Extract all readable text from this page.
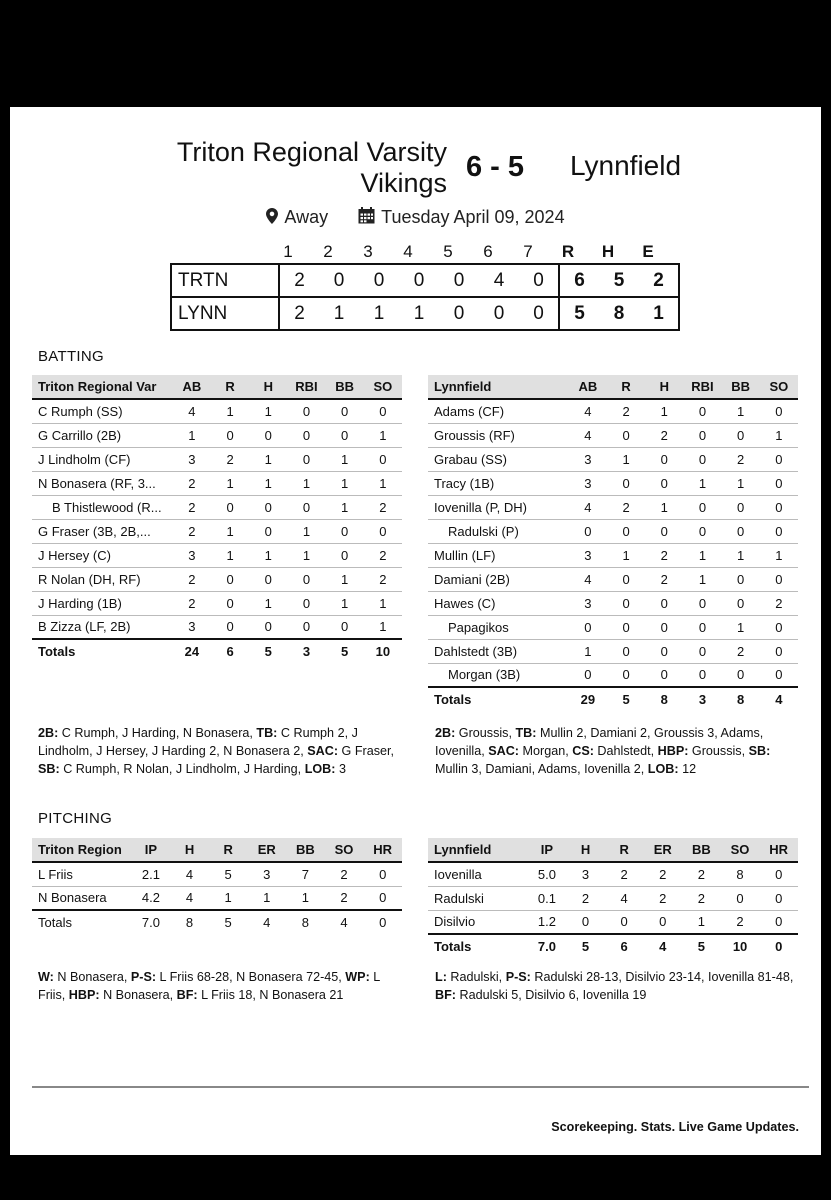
Triton Regional Varsity
Vikings 6 - 5 Lynnfield
Away	Tuesday April 09, 2024
1	2	3	4	5	6	7	R	H	E
TRTN	2	0	0	0	0	4	0	6	5	2
LYNN	2	1	1	1	0	0	0	5	8	1
BATTING
Triton Regional Var	AB	R	H	RBI	BB	SO
C Rumph (SS)	4	1	1	0	0	0
G Carrillo (2B)	1	0	0	0	0	1
J Lindholm (CF)	3	2	1	0	1	0
N Bonasera (RF, 3...	2	1	1	1	1	1
B Thistlewood (R...	2	0	0	0	1	2
G Fraser (3B, 2B,...	2	1	0	1	0	0
J Hersey (C)	3	1	1	1	0	2
R Nolan (DH, RF)	2	0	0	0	1	2
J Harding (1B)	2	0	1	0	1	1
B Zizza (LF, 2B)	3	0	0	0	0	1
Totals	24	6	5	3	5	10
Lynnfield	AB	R	H	RBI	BB	SO
Adams (CF)	4	2	1	0	1	0
Groussis (RF)	4	0	2	0	0	1
Grabau (SS)	3	1	0	0	2	0
Tracy (1B)	3	0	0	1	1	0
Iovenilla (P, DH)	4	2	1	0	0	0
Radulski (P)	0	0	0	0	0	0
Mullin (LF)	3	1	2	1	1	1
Damiani (2B)	4	0	2	1	0	0
Hawes (C)	3	0	0	0	0	2
Papagikos	0	0	0	0	1	0
Dahlstedt (3B)	1	0	0	0	2	0
Morgan (3B)	0	0	0	0	0	0
Totals	29	5	8	3	8	4
2B: C Rumph, J Harding, N Bonasera, TB: C Rumph 2, J Lindholm, J Hersey, J Harding 2, N Bonasera 2, SAC: G Fraser, SB: C Rumph, R Nolan, J Lindholm, J Harding, LOB: 3
2B: Groussis, TB: Mullin 2, Damiani 2, Groussis 3, Adams, Iovenilla, SAC: Morgan, CS: Dahlstedt, HBP: Groussis, SB: Mullin 3, Damiani, Adams, Iovenilla 2, LOB: 12
PITCHING
Triton Region	IP	H	R	ER	BB	SO	HR
L Friis	2.1	4	5	3	7	2	0
N Bonasera	4.2	4	1	1	1	2	0
Totals	7.0	8	5	4	8	4	0
Lynnfield	IP	H	R	ER	BB	SO	HR
Iovenilla	5.0	3	2	2	2	8	0
Radulski	0.1	2	4	2	2	0	0
Disilvio	1.2	0	0	0	1	2	0
Totals	7.0	5	6	4	5	10	0
W: N Bonasera, P-S: L Friis 68-28, N Bonasera 72-45, WP: L Friis, HBP: N Bonasera, BF: L Friis 18, N Bonasera 21
L: Radulski, P-S: Radulski 28-13, Disilvio 23-14, Iovenilla 81-48, BF: Radulski 5, Disilvio 6, Iovenilla 19
Scorekeeping. Stats. Live Game Updates.
